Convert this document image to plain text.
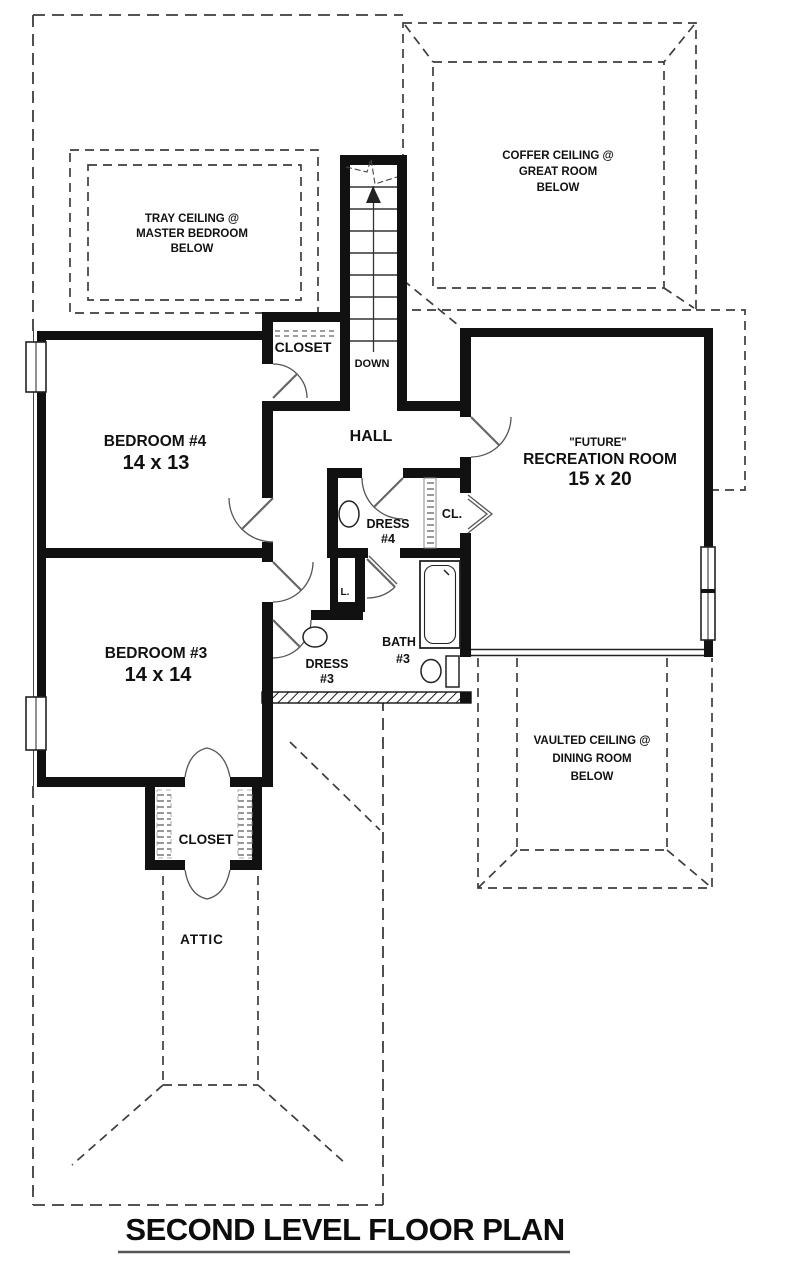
TRAY CEILING @
MASTER BEDROOM
BELOW
COFFER CEILING @
GREAT ROOM
BELOW
CLOSET
DOWN
HALL
BEDROOM #4
14 x 13
DRESS
#4
CL.
L.
"FUTURE"
RECREATION ROOM
15 x 20
BEDROOM #3
14 x 14	DRESS
#3
BATH
#3
VAULTED CEILING @
DINING ROOM
BELOW
CLOSET
ATTIC
SECOND LEVEL FLOOR PLAN
